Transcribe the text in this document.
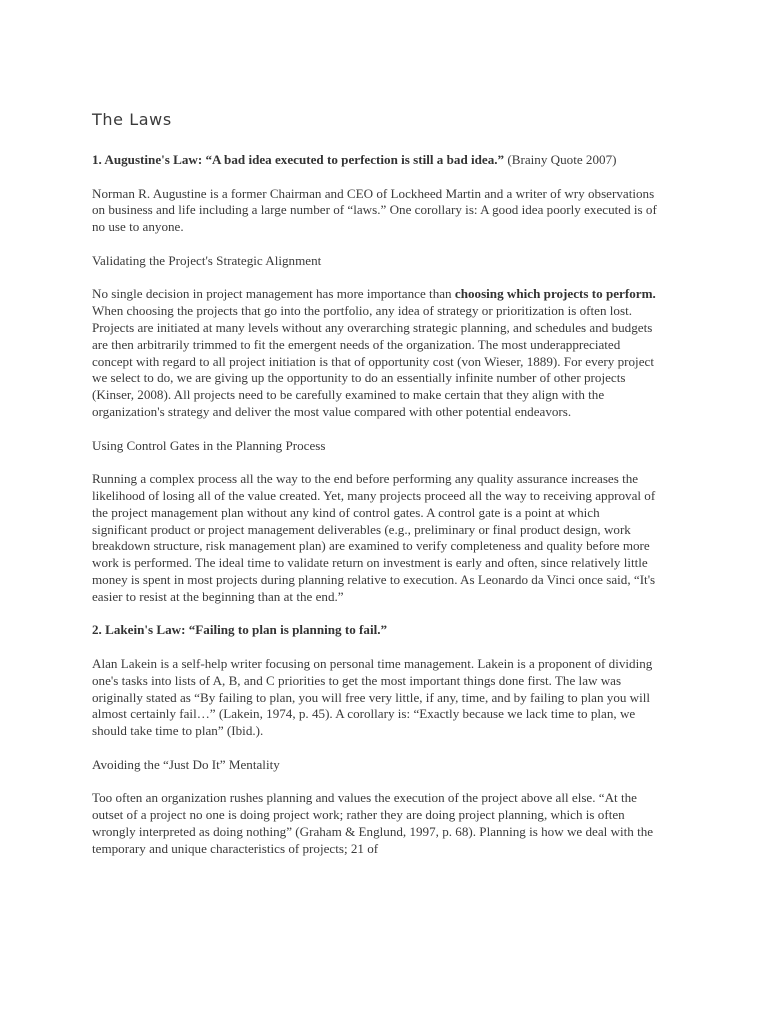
The Laws

1. Augustine's Law: “A bad idea executed to perfection is still a bad idea.” (Brainy Quote 2007)

Norman R. Augustine is a former Chairman and CEO of Lockheed Martin and a writer of wry observations on business and life including a large number of “laws.” One corollary is: A good idea poorly executed is of no use to anyone.

Validating the Project's Strategic Alignment

No single decision in project management has more importance than choosing which projects to perform. When choosing the projects that go into the portfolio, any idea of strategy or prioritization is often lost. Projects are initiated at many levels without any overarching strategic planning, and schedules and budgets are then arbitrarily trimmed to fit the emergent needs of the organization. The most underappreciated concept with regard to all project initiation is that of opportunity cost (von Wieser, 1889). For every project we select to do, we are giving up the opportunity to do an essentially infinite number of other projects (Kinser, 2008). All projects need to be carefully examined to make certain that they align with the organization's strategy and deliver the most value compared with other potential endeavors.

Using Control Gates in the Planning Process

Running a complex process all the way to the end before performing any quality assurance increases the likelihood of losing all of the value created. Yet, many projects proceed all the way to receiving approval of the project management plan without any kind of control gates. A control gate is a point at which significant product or project management deliverables (e.g., preliminary or final product design, work breakdown structure, risk management plan) are examined to verify completeness and quality before more work is performed. The ideal time to validate return on investment is early and often, since relatively little money is spent in most projects during planning relative to execution. As Leonardo da Vinci once said, “It's easier to resist at the beginning than at the end.”

2. Lakein's Law: “Failing to plan is planning to fail.”

Alan Lakein is a self-help writer focusing on personal time management. Lakein is a proponent of dividing one's tasks into lists of A, B, and C priorities to get the most important things done first. The law was originally stated as “By failing to plan, you will free very little, if any, time, and by failing to plan you will almost certainly fail…” (Lakein, 1974, p. 45). A corollary is: “Exactly because we lack time to plan, we should take time to plan” (Ibid.).

Avoiding the “Just Do It” Mentality

Too often an organization rushes planning and values the execution of the project above all else. “At the outset of a project no one is doing project work; rather they are doing project planning, which is often wrongly interpreted as doing nothing” (Graham & Englund, 1997, p. 68). Planning is how we deal with the temporary and unique characteristics of projects; 21 of
